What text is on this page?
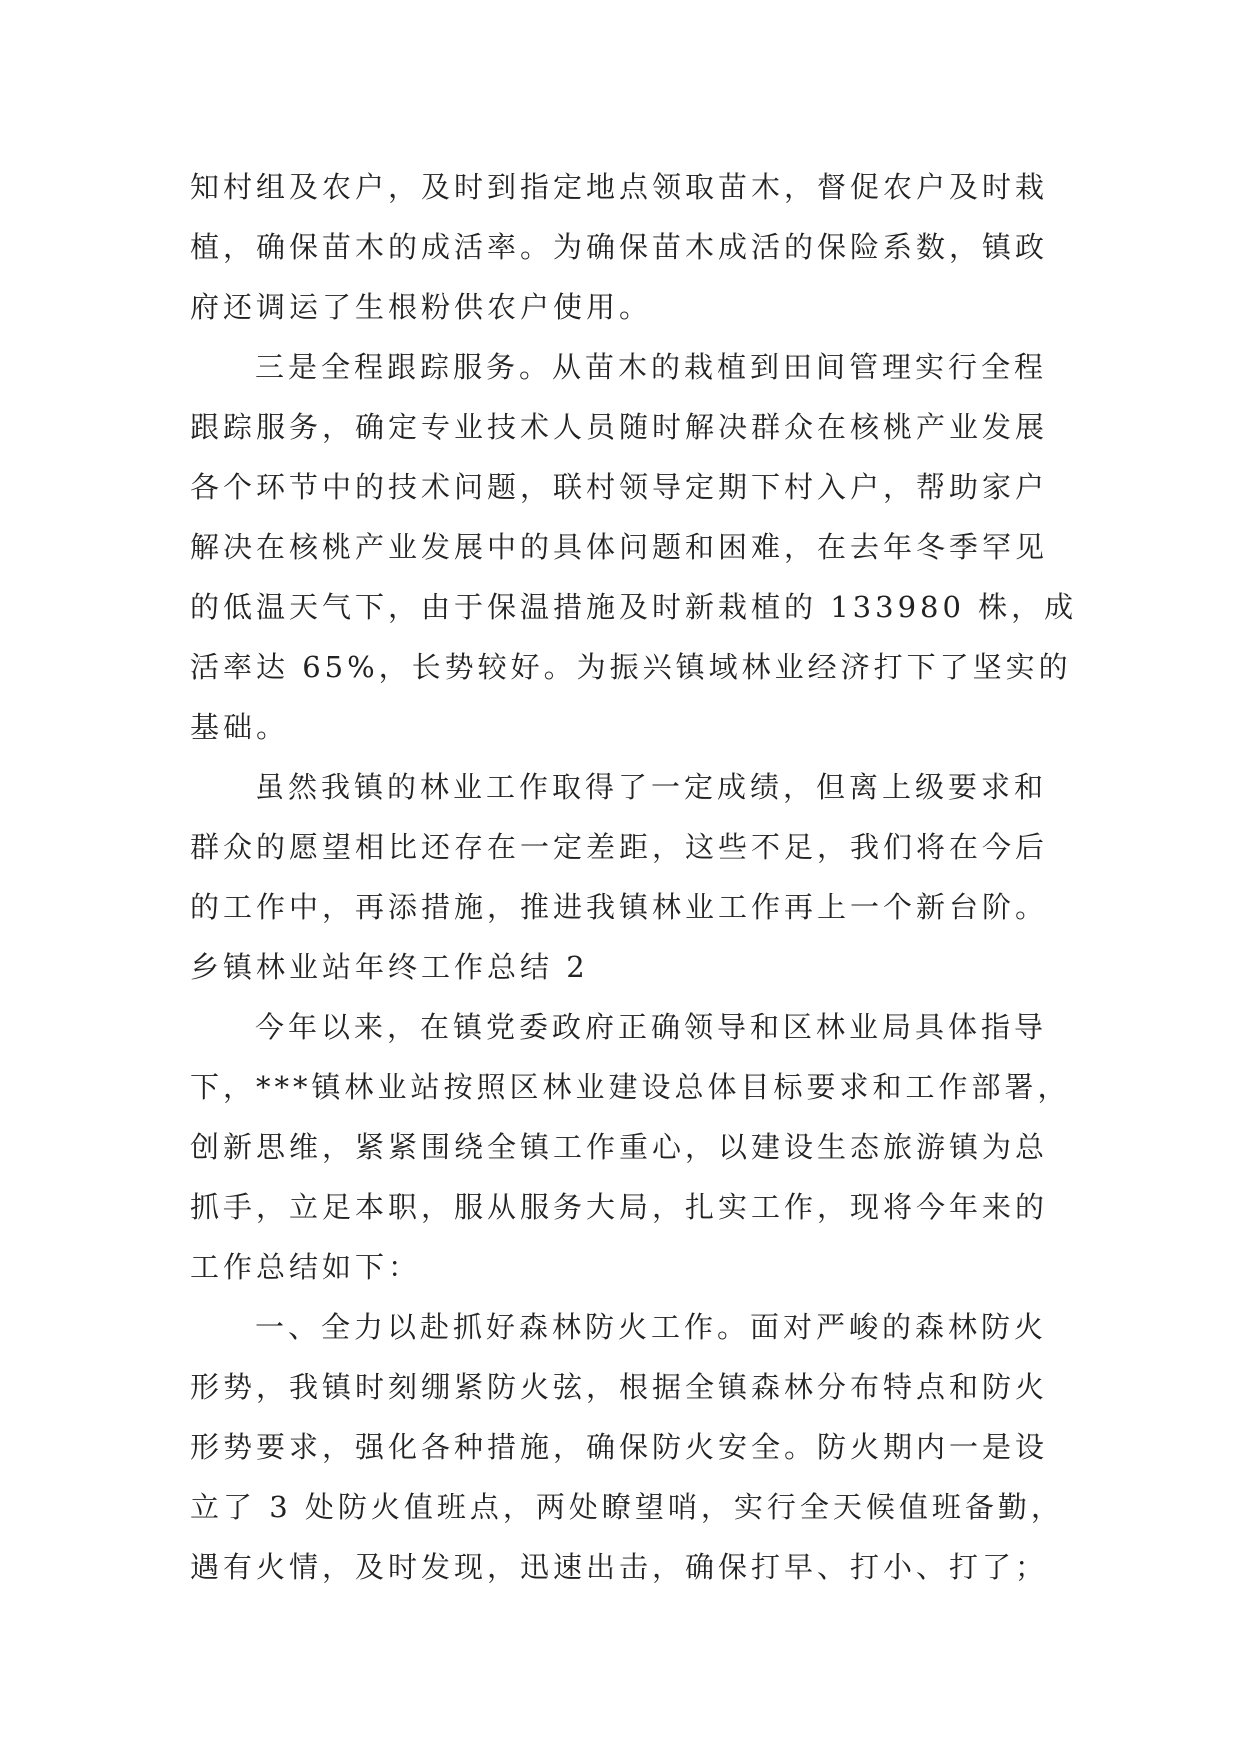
知村组及农户，及时到指定地点领取苗木，督促农户及时栽
植，确保苗木的成活率。为确保苗木成活的保险系数，镇政
府还调运了生根粉供农户使用。
三是全程跟踪服务。从苗木的栽植到田间管理实行全程
跟踪服务，确定专业技术人员随时解决群众在核桃产业发展
各个环节中的技术问题，联村领导定期下村入户，帮助家户
解决在核桃产业发展中的具体问题和困难，在去年冬季罕见
的低温天气下，由于保温措施及时新栽植的 133980 株，成
活率达 65%，长势较好。为振兴镇域林业经济打下了坚实的
基础。
虽然我镇的林业工作取得了一定成绩，但离上级要求和
群众的愿望相比还存在一定差距，这些不足，我们将在今后
的工作中，再添措施，推进我镇林业工作再上一个新台阶。
乡镇林业站年终工作总结 2
今年以来，在镇党委政府正确领导和区林业局具体指导
下，***镇林业站按照区林业建设总体目标要求和工作部署，
创新思维，紧紧围绕全镇工作重心，以建设生态旅游镇为总
抓手，立足本职，服从服务大局，扎实工作，现将今年来的
工作总结如下：
一、全力以赴抓好森林防火工作。面对严峻的森林防火
形势，我镇时刻绷紧防火弦，根据全镇森林分布特点和防火
形势要求，强化各种措施，确保防火安全。防火期内一是设
立了 3 处防火值班点，两处瞭望哨，实行全天候值班备勤，
遇有火情，及时发现，迅速出击，确保打早、打小、打了；
